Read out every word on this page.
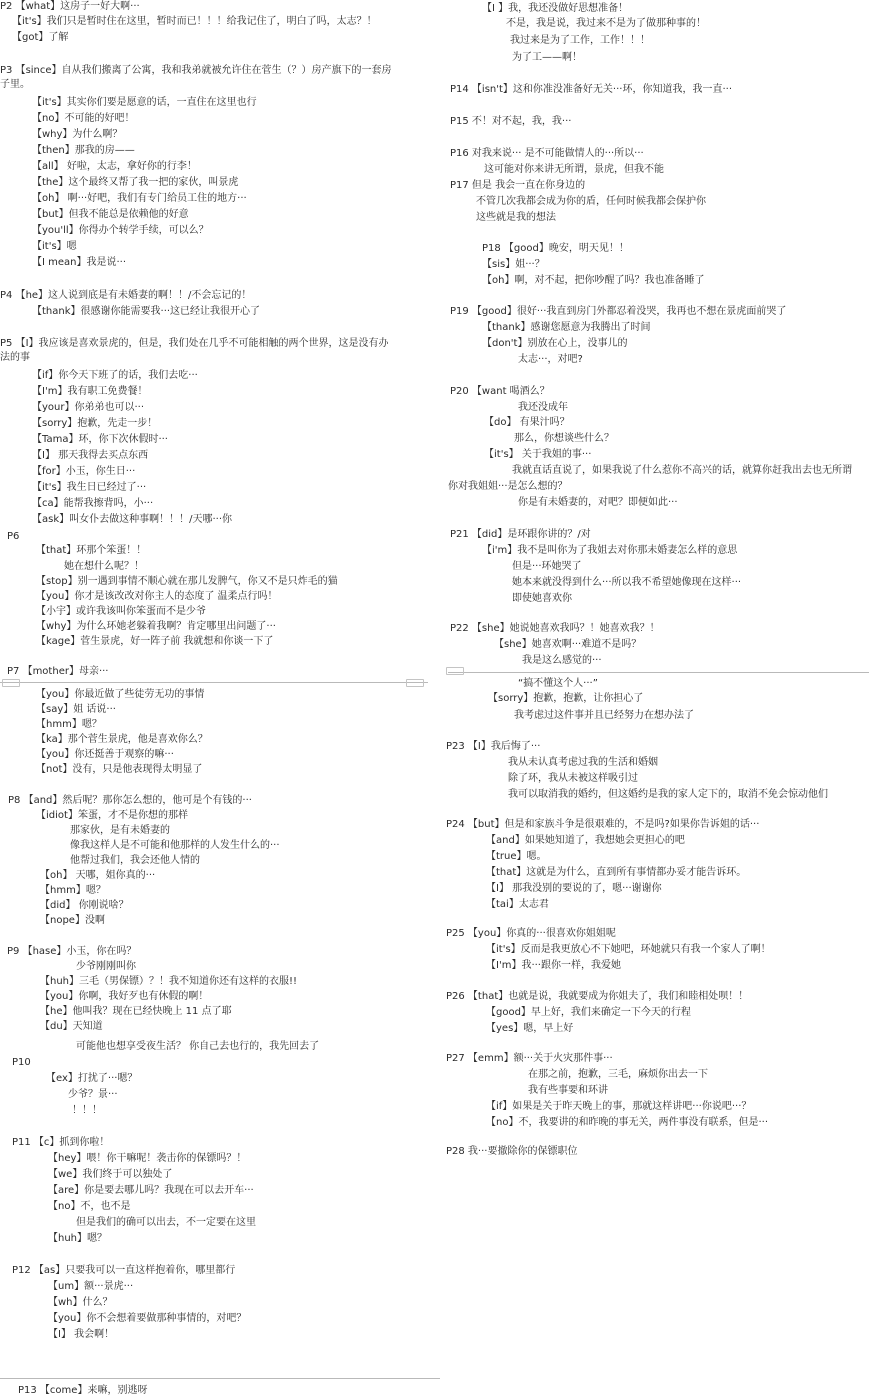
P2 【what】这房子一好大啊···
【it's】我们只是暂时住在这里，暂时而已！！！给我记住了，明白了吗，太志？！
【got】了解
P3 【since】自从我们搬离了公寓，我和我弟就被允许住在菅生（？）房产旗下的一套房
子里。
【it's】其实你们要是愿意的话，一直住在这里也行
【no】不可能的好吧！
【why】为什么啊？
【then】那我的房——
【all】 好啦，太志，拿好你的行李！
【the】这个最终又帮了我一把的家伙，叫景虎
【oh】 啊···好吧，我们有专门给员工住的地方···
【but】但我不能总是依赖他的好意
【you'll】你得办个转学手续，可以么？
【it's】嗯
【I mean】我是说···
P4 【he】这人说到底是有未婚妻的啊！！/不会忘记的！
【thank】很感谢你能需要我···这已经让我很开心了
P5 【I】我应该是喜欢景虎的，但是，我们处在几乎不可能相触的两个世界，这是没有办
法的事
【if】你今天下班了的话，我们去吃···
【I'm】我有职工免费餐！
【your】你弟弟也可以···
【sorry】抱歉，先走一步！
【Tama】环，你下次休假时···
【I】 那天我得去买点东西
【for】小玉，你生日···
【it's】我生日已经过了···
【ca】能帮我擦背吗，小···
【ask】叫女仆去做这种事啊！！！/天哪···你
P6
【that】环那个笨蛋！！
她在想什么呢？！
【stop】别一遇到事情不顺心就在那儿发脾气，你又不是只炸毛的猫
【you】你才是该改改对你主人的态度了 温柔点行吗！
【小宇】或许我该叫你笨蛋而不是少爷
【why】为什么环她老躲着我啊？肯定哪里出问题了···
【kage】菅生景虎，好一阵子前 我就想和你谈一下了
P7 【mother】母亲···
【you】你最近做了些徒劳无功的事情
【say】姐 话说···
【hmm】嗯？
【ka】那个菅生景虎，他是喜欢你么？
【you】你还挺善于观察的嘛···
【not】没有，只是他表现得太明显了
P8 【and】然后呢？那你怎么想的，他可是个有钱的···
【idiot】笨蛋，才不是你想的那样
那家伙，是有未婚妻的
像我这样人是不可能和他那样的人发生什么的···
他帮过我们，我会还他人情的
【oh】 天哪，姐你真的···
【hmm】嗯？
【did】 你刚说啥？
【nope】没啊
P9 【hase】小玉，你在吗？
少爷刚刚叫你
【huh】三毛（男保镖）？！我不知道你还有这样的衣服!!
【you】你啊，我好歹也有休假的啊！
【he】他叫我？现在已经快晚上 11 点了耶
【du】天知道
可能他也想享受夜生活？ 你自己去也行的，我先回去了
P10
【ex】打扰了···嗯？
少爷？景···
！！！
P11 【c】抓到你啦！
【hey】喂！你干嘛呢！袭击你的保镖吗？！
【we】我们终于可以独处了
【are】你是要去哪儿吗？我现在可以去开车···
【no】不，也不是
但是我们的确可以出去，不一定要在这里
【huh】嗯？
P12 【as】只要我可以一直这样抱着你，哪里都行
【um】额···景虎···
【wh】什么？
【you】你不会想着要做那种事情的，对吧？
【I】 我会啊！
P13 【come】来嘛，别逃呀
【I 】我，我还没做好思想准备！
不是，我是说，我过来不是为了做那种事的！
我过来是为了工作，工作！！！
为了工——啊！
P14 【isn't】这和你准没准备好无关···环，你知道我，我一直···
P15 不！对不起，我，我···
P16 对我来说··· 是不可能做情人的···所以···
这可能对你来讲无所谓，景虎，但我不能
P17 但是 我会一直在你身边的
不管几次我都会成为你的盾，任何时候我都会保护你
这些就是我的想法
P18 【good】晚安，明天见！！
【sis】姐···？
【oh】啊，对不起，把你吵醒了吗？我也准备睡了
P19 【good】很好···我直到房门外都忍着没哭，我再也不想在景虎面前哭了
【thank】感谢您愿意为我腾出了时间
【don't】别放在心上，没事儿的
太志···，对吧?
P20 【want 喝酒么？
我还没成年
【do】 有果汁吗？
那么，你想谈些什么？
【it's】 关于我姐的事···
我就直话直说了，如果我说了什么惹你不高兴的话，就算你赶我出去也无所谓
你对我姐姐···是怎么想的？
你是有未婚妻的，对吧？即便如此···
P21 【did】是环跟你讲的？/对
【i'm】我不是叫你为了我姐去对你那未婚妻怎么样的意思
但是···环她哭了
她本来就没得到什么···所以我不希望她像现在这样···
即使她喜欢你
P22 【she】她说她喜欢我吗？！她喜欢我？！
【she】她喜欢啊···难道不是吗？
我是这么感觉的···
“搞不懂这个人···”
【sorry】抱歉，抱歉，让你担心了
我考虑过这件事并且已经努力在想办法了
P23 【I】我后悔了···
我从未认真考虑过我的生活和婚姻
除了环，我从未被这样吸引过
我可以取消我的婚约，但这婚约是我的家人定下的，取消不免会惊动他们
P24 【but】但是和家族斗争是很艰难的，不是吗?如果你告诉姐的话···
【and】如果她知道了，我想她会更担心的吧
【true】嗯。
【that】这就是为什么，直到所有事情都办妥才能告诉环。
【I】 那我没别的要说的了，嗯···谢谢你
【tai】太志君
P25 【you】你真的···很喜欢你姐姐呢
【it's】反而是我更放心不下她吧，环她就只有我一个家人了啊！
【I'm】我···跟你一样，我爱她
P26 【that】也就是说，我就要成为你姐夫了，我们和睦相处呗！！
【good】早上好，我们来确定一下今天的行程
【yes】嗯，早上好
P27 【emm】额···关于火灾那件事···
在那之前，抱歉，三毛，麻烦你出去一下
我有些事要和环讲
【if】如果是关于昨天晚上的事，那就这样讲吧···你说吧···？
【no】不，我要讲的和昨晚的事无关，两件事没有联系，但是···
P28 我···要撤除你的保镖职位
